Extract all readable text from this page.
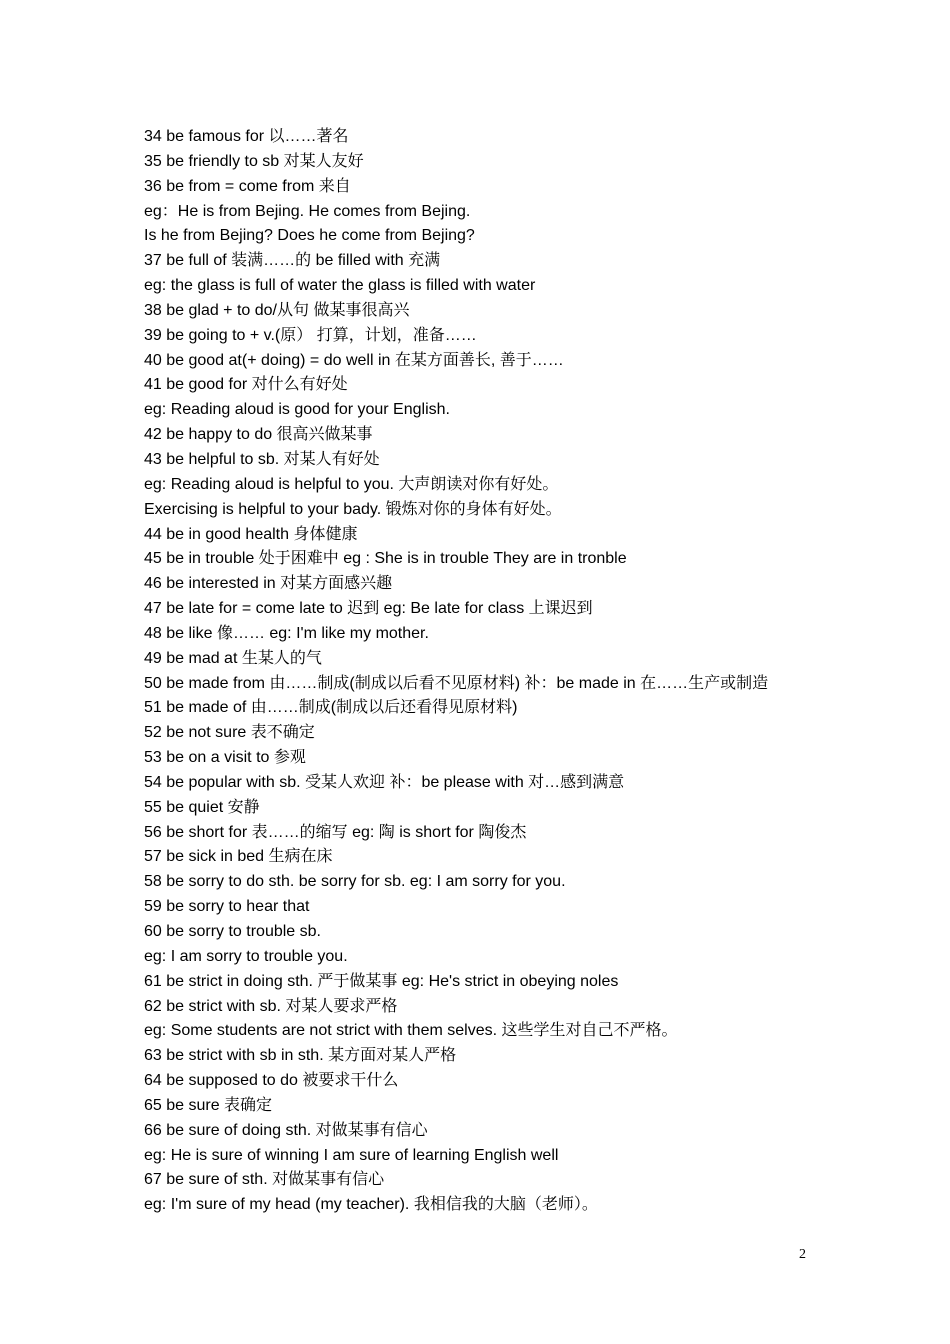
34 be famous for 以……著名
35 be friendly to sb 对某人友好
36 be from = come from 来自
eg：He is from Bejing. He comes from Bejing.
Is he from Bejing? Does he come from Bejing?
37 be full of 装满……的 be filled with 充满
eg: the glass is full of water the glass is filled with water
38 be glad + to do/从句 做某事很高兴
39 be going to + v.(原） 打算，计划，准备……
40 be good at(+ doing) = do well in 在某方面善长, 善于……
41 be good for 对什么有好处
eg: Reading aloud is good for your English.
42 be happy to do 很高兴做某事
43 be helpful to sb. 对某人有好处
eg: Reading aloud is helpful to you. 大声朗读对你有好处。
Exercising is helpful to your bady. 锻炼对你的身体有好处。
44 be in good health 身体健康
45 be in trouble 处于困难中 eg : She is in trouble They are in tronble
46 be interested in 对某方面感兴趣
47 be late for = come late to 迟到 eg: Be late for class 上课迟到
48 be like 像…… eg: I'm like my mother.
49 be mad at 生某人的气
50 be made from 由……制成(制成以后看不见原材料) 补：be made in 在……生产或制造
51 be made of 由……制成(制成以后还看得见原材料)
52 be not sure 表不确定
53 be on a visit to 参观
54 be popular with sb. 受某人欢迎 补：be please with 对…感到满意
55 be quiet 安静
56 be short for 表……的缩写 eg: 陶 is short for 陶俊杰
57 be sick in bed 生病在床
58 be sorry to do sth. be sorry for sb. eg: I am sorry for you.
59 be sorry to hear that
60 be sorry to trouble sb.
eg: I am sorry to trouble you.
61 be strict in doing sth. 严于做某事 eg: He's strict in obeying noles
62 be strict with sb. 对某人要求严格
eg: Some students are not strict with them selves. 这些学生对自己不严格。
63 be strict with sb in sth. 某方面对某人严格
64 be supposed to do 被要求干什么
65 be sure 表确定
66 be sure of doing sth. 对做某事有信心
eg: He is sure of winning I am sure of learning English well
67 be sure of sth. 对做某事有信心
eg: I'm sure of my head (my teacher). 我相信我的大脑（老师）。
2
